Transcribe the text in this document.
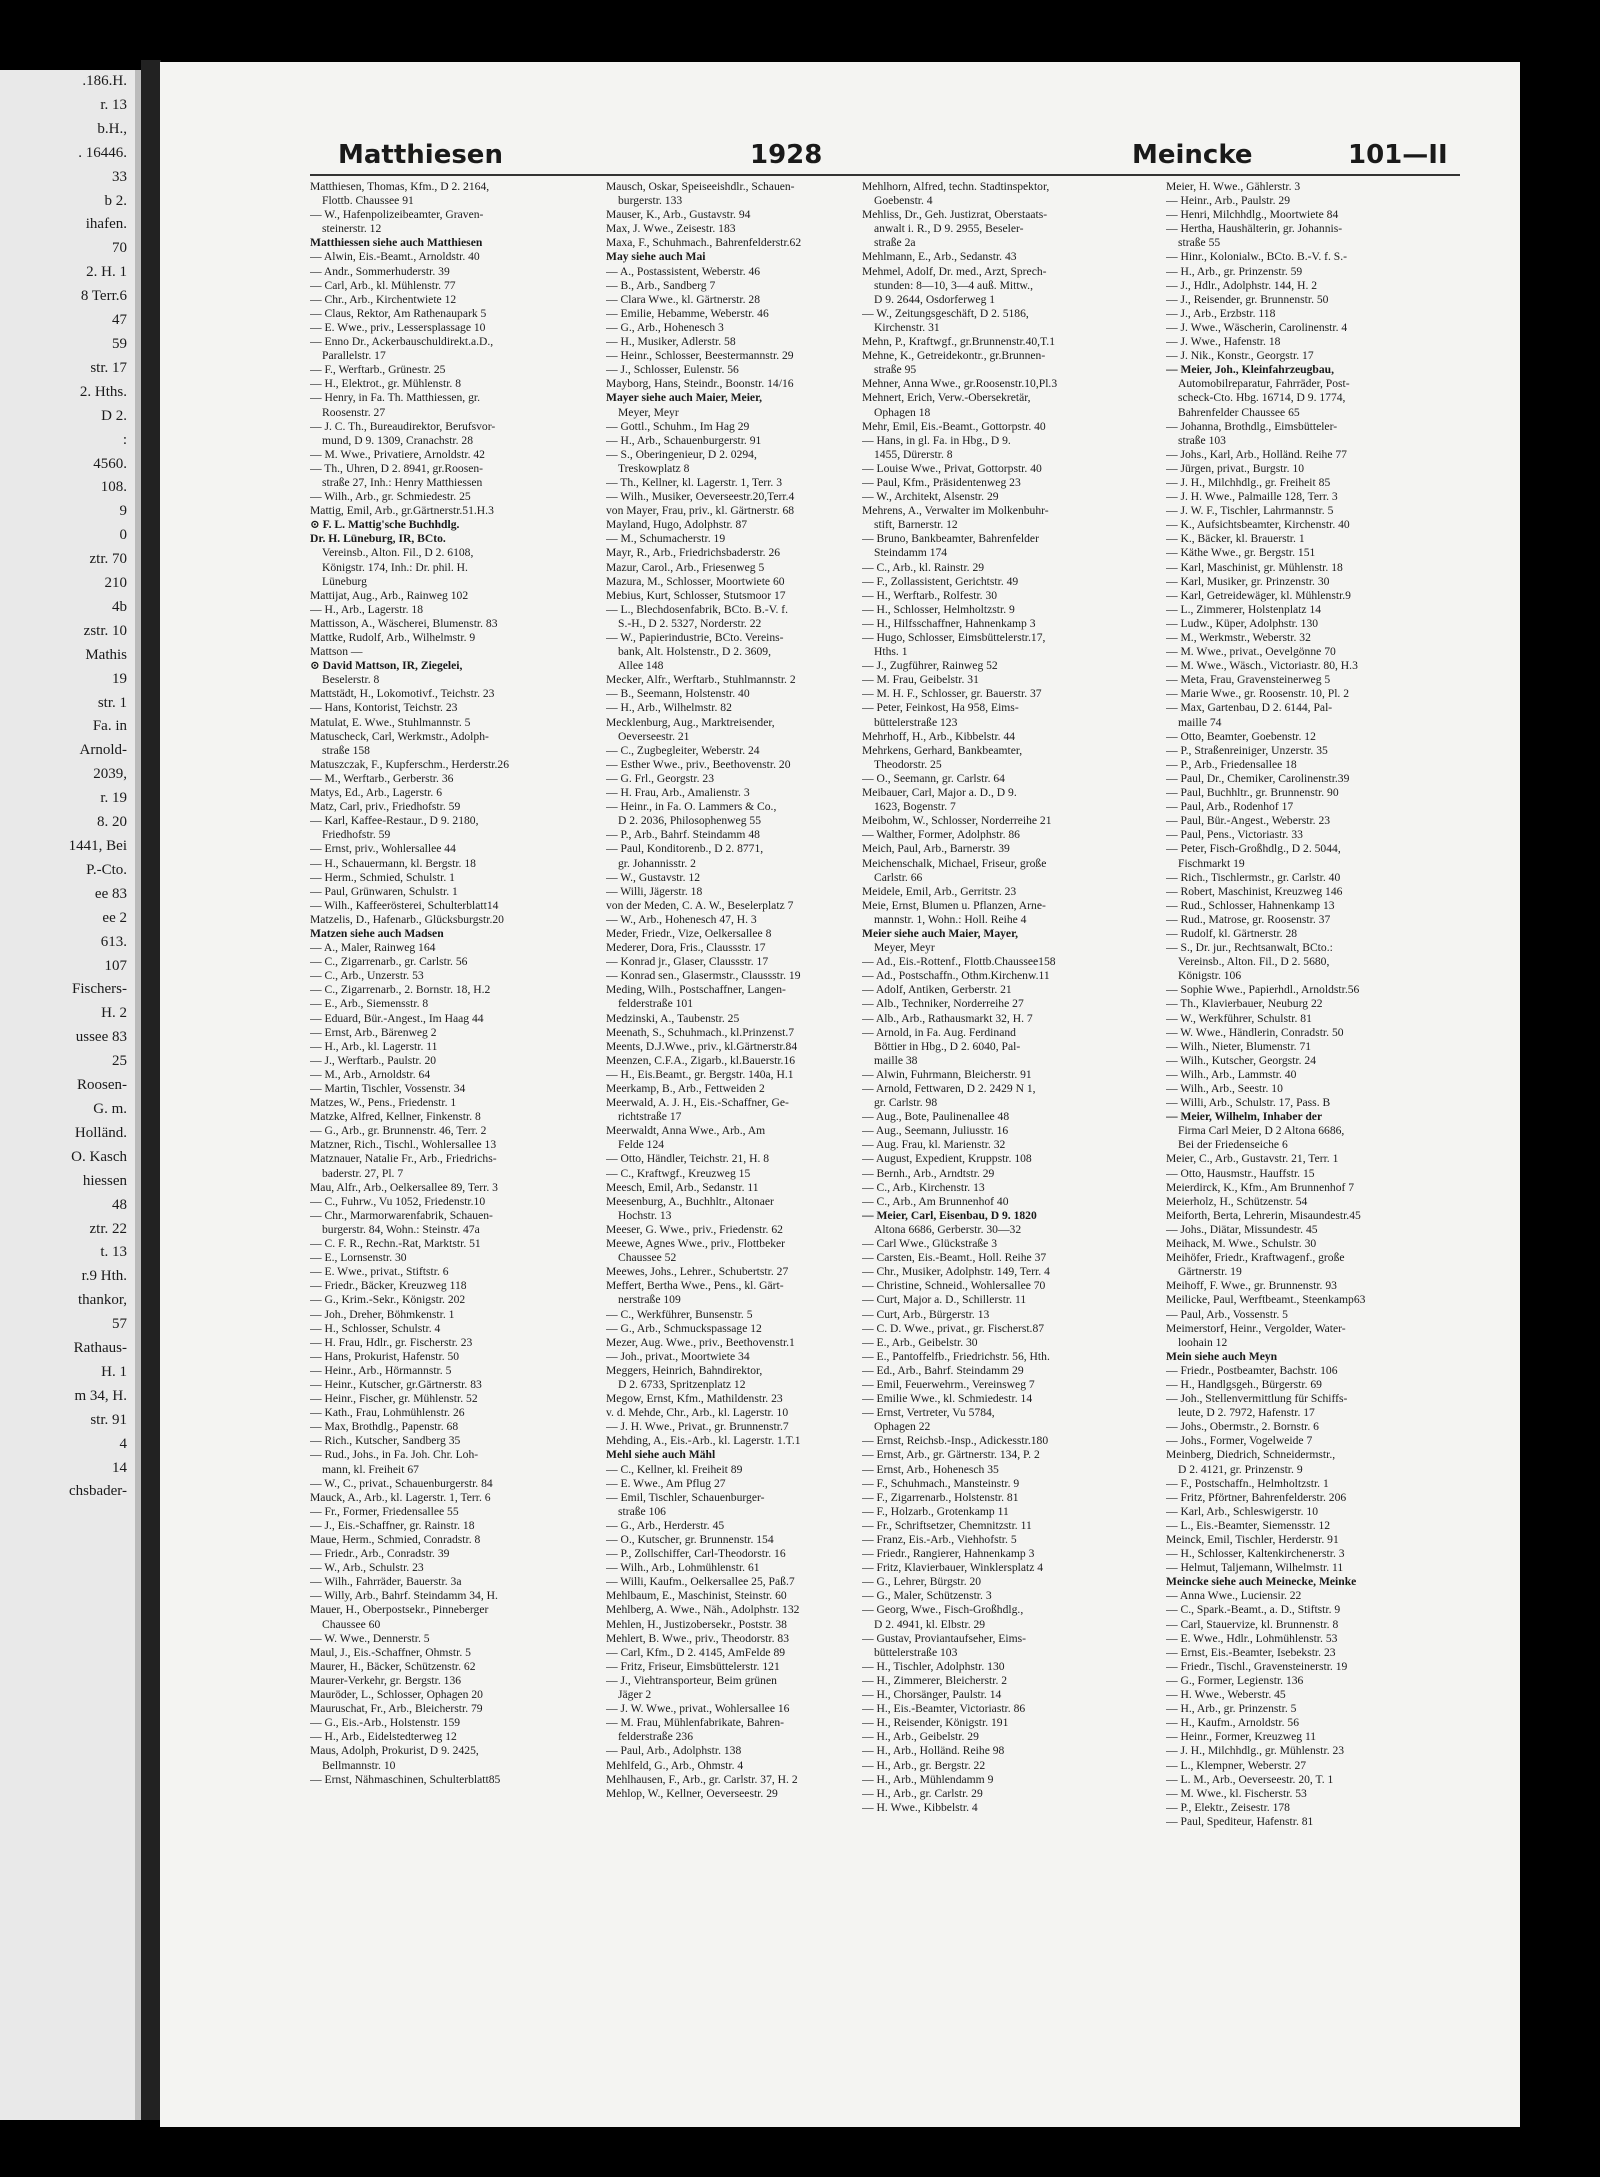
.186.H.
r. 13
b.H.,
. 16446.
33
b 2.
ihafen.
70
2. H. 1
8 Terr.6
47
59
str. 17
2. Hths.
D 2.
:
4560.
108.
9
0
ztr. 70
210
4b
zstr. 10
Mathis
19
str. 1
Fa. in
Arnold-
2039,
r. 19
8. 20
1441, Bei
P.-Cto.
ee 83
ee 2
613.
107
Fischers-
H. 2
ussee 83
25
Roosen-
G. m.
Holländ.
O. Kasch
hiessen
48
ztr. 22
t. 13
r.9 Hth.
thankor,
57
Rathaus-
H. 1
m 34, H.
str. 91
4
14
chsbader-
Matthiesen	1928	Meincke	101—II
Matthiesen, Thomas, Kfm., D 2. 2164,
Flottb. Chaussee 91
— W., Hafenpolizeibeamter, Graven-
steinerstr. 12
Matthiessen siehe auch Matthiesen
— Alwin, Eis.-Beamt., Arnoldstr. 40
— Andr., Sommerhuderstr. 39
— Carl, Arb., kl. Mühlenstr. 77
— Chr., Arb., Kirchentwiete 12
— Claus, Rektor, Am Rathenaupark 5
— E. Wwe., priv., Lessersplassage 10
— Enno Dr., Ackerbauschuldirekt.a.D.,
Parallelstr. 17
— F., Werftarb., Grünestr. 25
— H., Elektrot., gr. Mühlenstr. 8
— Henry, in Fa. Th. Matthiessen, gr.
Roosenstr. 27
— J. C. Th., Bureaudirektor, Berufsvor-
mund, D 9. 1309, Cranachstr. 28
— M. Wwe., Privatiere, Arnoldstr. 42
— Th., Uhren, D 2. 8941, gr.Roosen-
straße 27, Inh.: Henry Matthiessen
— Wilh., Arb., gr. Schmiedestr. 25
Mattig, Emil, Arb., gr.Gärtnerstr.51.H.3
⊙ F. L. Mattig'sche Buchhdlg.
Dr. H. Lüneburg, IR, BCto.
Vereinsb., Alton. Fil., D 2. 6108,
Königstr. 174, Inh.: Dr. phil. H.
Lüneburg
Mattijat, Aug., Arb., Rainweg 102
— H., Arb., Lagerstr. 18
Mattisson, A., Wäscherei, Blumenstr. 83
Mattke, Rudolf, Arb., Wilhelmstr. 9
Mattson —
⊙ David Mattson, IR, Ziegelei,
Beselerstr. 8
Mattstädt, H., Lokomotivf., Teichstr. 23
— Hans, Kontorist, Teichstr. 23
Matulat, E. Wwe., Stuhlmannstr. 5
Matuscheck, Carl, Werkmstr., Adolph-
straße 158
Matuszczak, F., Kupferschm., Herderstr.26
— M., Werftarb., Gerberstr. 36
Matys, Ed., Arb., Lagerstr. 6
Matz, Carl, priv., Friedhofstr. 59
— Karl, Kaffee-Restaur., D 9. 2180,
Friedhofstr. 59
— Ernst, priv., Wohlersallee 44
— H., Schauermann, kl. Bergstr. 18
— Herm., Schmied, Schulstr. 1
— Paul, Grünwaren, Schulstr. 1
— Wilh., Kaffeerösterei, Schulterblatt14
Matzelis, D., Hafenarb., Glücksburgstr.20
Matzen siehe auch Madsen
— A., Maler, Rainweg 164
— C., Zigarrenarb., gr. Carlstr. 56
— C., Arb., Unzerstr. 53
— C., Zigarrenarb., 2. Bornstr. 18, H.2
— E., Arb., Siemensstr. 8
— Eduard, Bür.-Angest., Im Haag 44
— Ernst, Arb., Bärenweg 2
— H., Arb., kl. Lagerstr. 11
— J., Werftarb., Paulstr. 20
— M., Arb., Arnoldstr. 64
— Martin, Tischler, Vossenstr. 34
Matzes, W., Pens., Friedenstr. 1
Matzke, Alfred, Kellner, Finkenstr. 8
— G., Arb., gr. Brunnenstr. 46, Terr. 2
Matzner, Rich., Tischl., Wohlersallee 13
Matznauer, Natalie Fr., Arb., Friedrichs-
baderstr. 27, Pl. 7
Mau, Alfr., Arb., Oelkersallee 89, Terr. 3
— C., Fuhrw., Vu 1052, Friedenstr.10
— Chr., Marmorwarenfabrik, Schauen-
burgerstr. 84, Wohn.: Steinstr. 47a
— C. F. R., Rechn.-Rat, Marktstr. 51
— E., Lornsenstr. 30
— E. Wwe., privat., Stiftstr. 6
— Friedr., Bäcker, Kreuzweg 118
— G., Krim.-Sekr., Königstr. 202
— Joh., Dreher, Böhmkenstr. 1
— H., Schlosser, Schulstr. 4
— H. Frau, Hdlr., gr. Fischerstr. 23
— Hans, Prokurist, Hafenstr. 50
— Heinr., Arb., Hörmannstr. 5
— Heinr., Kutscher, gr.Gärtnerstr. 83
— Heinr., Fischer, gr. Mühlenstr. 52
— Kath., Frau, Lohmühlenstr. 26
— Max, Brothdlg., Papenstr. 68
— Rich., Kutscher, Sandberg 35
— Rud., Johs., in Fa. Joh. Chr. Loh-
mann, kl. Freiheit 67
— W., C., privat., Schauenburgerstr. 84
Mauck, A., Arb., kl. Lagerstr. 1, Terr. 6
— Fr., Former, Friedensallee 55
— J., Eis.-Schaffner, gr. Rainstr. 18
Maue, Herm., Schmied, Conradstr. 8
— Friedr., Arb., Conradstr. 39
— W., Arb., Schulstr. 23
— Wilh., Fahrräder, Bauerstr. 3a
— Willy, Arb., Bahrf. Steindamm 34, H.
Mauer, H., Oberpostsekr., Pinneberger
Chaussee 60
— W. Wwe., Dennerstr. 5
Maul, J., Eis.-Schaffner, Ohmstr. 5
Maurer, H., Bäcker, Schützenstr. 62
Maurer-Verkehr, gr. Bergstr. 136
Mauröder, L., Schlosser, Ophagen 20
Mauruschat, Fr., Arb., Bleicherstr. 79
— G., Eis.-Arb., Holstenstr. 159
— H., Arb., Eidelstedterweg 12
Maus, Adolph, Prokurist, D 9. 2425,
Bellmannstr. 10
— Ernst, Nähmaschinen, Schulterblatt85
Mausch, Oskar, Speiseeishdlr., Schauen-
burgerstr. 133
Mauser, K., Arb., Gustavstr. 94
Max, J. Wwe., Zeisestr. 183
Maxa, F., Schuhmach., Bahrenfelderstr.62
May siehe auch Mai
— A., Postassistent, Weberstr. 46
— B., Arb., Sandberg 7
— Clara Wwe., kl. Gärtnerstr. 28
— Emilie, Hebamme, Weberstr. 46
— G., Arb., Hohenesch 3
— H., Musiker, Adlerstr. 58
— Heinr., Schlosser, Beestermannstr. 29
— J., Schlosser, Eulenstr. 56
Mayborg, Hans, Steindr., Boonstr. 14/16
Mayer siehe auch Maier, Meier,
Meyer, Meyr
— Gottl., Schuhm., Im Hag 29
— H., Arb., Schauenburgerstr. 91
— S., Oberingenieur, D 2. 0294,
Treskowplatz 8
— Th., Kellner, kl. Lagerstr. 1, Terr. 3
— Wilh., Musiker, Oeverseestr.20,Terr.4
von Mayer, Frau, priv., kl. Gärtnerstr. 68
Mayland, Hugo, Adolphstr. 87
— M., Schumacherstr. 19
Mayr, R., Arb., Friedrichsbaderstr. 26
Mazur, Carol., Arb., Friesenweg 5
Mazura, M., Schlosser, Moortwiete 60
Mebius, Kurt, Schlosser, Stutsmoor 17
— L., Blechdosenfabrik, BCto. B.-V. f.
S.-H., D 2. 5327, Norderstr. 22
— W., Papierindustrie, BCto. Vereins-
bank, Alt. Holstenstr., D 2. 3609,
Allee 148
Mecker, Alfr., Werftarb., Stuhlmannstr. 2
— B., Seemann, Holstenstr. 40
— H., Arb., Wilhelmstr. 82
Mecklenburg, Aug., Marktreisender,
Oeverseestr. 21
— C., Zugbegleiter, Weberstr. 24
— Esther Wwe., priv., Beethovenstr. 20
— G. Frl., Georgstr. 23
— H. Frau, Arb., Amalienstr. 3
— Heinr., in Fa. O. Lammers & Co.,
D 2. 2036, Philosophenweg 55
— P., Arb., Bahrf. Steindamm 48
— Paul, Konditorenb., D 2. 8771,
gr. Johannisstr. 2
— W., Gustavstr. 12
— Willi, Jägerstr. 18
von der Meden, C. A. W., Beselerplatz 7
— W., Arb., Hohenesch 47, H. 3
Meder, Friedr., Vize, Oelkersallee 8
Mederer, Dora, Fris., Claussstr. 17
— Konrad jr., Glaser, Claussstr. 17
— Konrad sen., Glasermstr., Claussstr. 19
Meding, Wilh., Postschaffner, Langen-
felderstraße 101
Medzinski, A., Taubenstr. 25
Meenath, S., Schuhmach., kl.Prinzenst.7
Meents, D.J.Wwe., priv., kl.Gärtnerstr.84
Meenzen, C.F.A., Zigarb., kl.Bauerstr.16
— H., Eis.Beamt., gr. Bergstr. 140a, H.1
Meerkamp, B., Arb., Fettweiden 2
Meerwald, A. J. H., Eis.-Schaffner, Ge-
richtstraße 17
Meerwaldt, Anna Wwe., Arb., Am
Felde 124
— Otto, Händler, Teichstr. 21, H. 8
— C., Kraftwgf., Kreuzweg 15
Meesch, Emil, Arb., Sedanstr. 11
Meesenburg, A., Buchhltr., Altonaer
Hochstr. 13
Meeser, G. Wwe., priv., Friedenstr. 62
Meewe, Agnes Wwe., priv., Flottbeker
Chaussee 52
Meewes, Johs., Lehrer., Schubertstr. 27
Meffert, Bertha Wwe., Pens., kl. Gärt-
nerstraße 109
— C., Werkführer, Bunsenstr. 5
— G., Arb., Schmuckspassage 12
Mezer, Aug. Wwe., priv., Beethovenstr.1
— Joh., privat., Moortwiete 34
Meggers, Heinrich, Bahndirektor,
D 2. 6733, Spritzenplatz 12
Megow, Ernst, Kfm., Mathildenstr. 23
v. d. Mehde, Chr., Arb., kl. Lagerstr. 10
— J. H. Wwe., Privat., gr. Brunnenstr.7
Mehding, A., Eis.-Arb., kl. Lagerstr. 1.T.1
Mehl siehe auch Mähl
— C., Kellner, kl. Freiheit 89
— E. Wwe., Am Pflug 27
— Emil, Tischler, Schauenburger-
straße 106
— G., Arb., Herderstr. 45
— O., Kutscher, gr. Brunnenstr. 154
— P., Zollschiffer, Carl-Theodorstr. 16
— Wilh., Arb., Lohmühlenstr. 61
— Willi, Kaufm., Oelkersallee 25, Paß.7
Mehlbaum, E., Maschinist, Steinstr. 60
Mehlberg, A. Wwe., Näh., Adolphstr. 132
Mehlen, H., Justizobersekr., Poststr. 38
Mehlert, B. Wwe., priv., Theodorstr. 83
— Carl, Kfm., D 2. 4145, AmFelde 89
— Fritz, Friseur, Eimsbüttelerstr. 121
— J., Viehtransporteur, Beim grünen
Jäger 2
— J. W. Wwe., privat., Wohlersallee 16
— M. Frau, Mühlenfabrikate, Bahren-
felderstraße 236
— Paul, Arb., Adolphstr. 138
Mehlfeld, G., Arb., Ohmstr. 4
Mehlhausen, F., Arb., gr. Carlstr. 37, H. 2
Mehlop, W., Kellner, Oeverseestr. 29
Mehlhorn, Alfred, techn. Stadtinspektor,
Goebenstr. 4
Mehliss, Dr., Geh. Justizrat, Oberstaats-
anwalt i. R., D 9. 2955, Beseler-
straße 2a
Mehlmann, E., Arb., Sedanstr. 43
Mehmel, Adolf, Dr. med., Arzt, Sprech-
stunden: 8—10, 3—4 auß. Mittw.,
D 9. 2644, Osdorferweg 1
— W., Zeitungsgeschäft, D 2. 5186,
Kirchenstr. 31
Mehn, P., Kraftwgf., gr.Brunnenstr.40,T.1
Mehne, K., Getreidekontr., gr.Brunnen-
straße 95
Mehner, Anna Wwe., gr.Roosenstr.10,Pl.3
Mehnert, Erich, Verw.-Obersekretär,
Ophagen 18
Mehr, Emil, Eis.-Beamt., Gottorpstr. 40
— Hans, in gl. Fa. in Hbg., D 9.
1455, Dürerstr. 8
— Louise Wwe., Privat, Gottorpstr. 40
— Paul, Kfm., Präsidentenweg 23
— W., Architekt, Alsenstr. 29
Mehrens, A., Verwalter im Molkenbuhr-
stift, Barnerstr. 12
— Bruno, Bankbeamter, Bahrenfelder
Steindamm 174
— C., Arb., kl. Rainstr. 29
— F., Zollassistent, Gerichtstr. 49
— H., Werftarb., Rolfestr. 30
— H., Schlosser, Helmholtzstr. 9
— H., Hilfsschaffner, Hahnenkamp 3
— Hugo, Schlosser, Eimsbüttelerstr.17,
Hths. 1
— J., Zugführer, Rainweg 52
— M. Frau, Geibelstr. 31
— M. H. F., Schlosser, gr. Bauerstr. 37
— Peter, Feinkost, Ha 958, Eims-
büttelerstraße 123
Mehrhoff, H., Arb., Kibbelstr. 44
Mehrkens, Gerhard, Bankbeamter,
Theodorstr. 25
— O., Seemann, gr. Carlstr. 64
Meibauer, Carl, Major a. D., D 9.
1623, Bogenstr. 7
Meibohm, W., Schlosser, Norderreihe 21
— Walther, Former, Adolphstr. 86
Meich, Paul, Arb., Barnerstr. 39
Meichenschalk, Michael, Friseur, große
Carlstr. 66
Meidele, Emil, Arb., Gerritstr. 23
Meie, Ernst, Blumen u. Pflanzen, Arne-
mannstr. 1, Wohn.: Holl. Reihe 4
Meier siehe auch Maier, Mayer,
Meyer, Meyr
— Ad., Eis.-Rottenf., Flottb.Chaussee158
— Ad., Postschaffn., Othm.Kirchenw.11
— Adolf, Antiken, Gerberstr. 21
— Alb., Techniker, Norderreihe 27
— Alb., Arb., Rathausmarkt 32, H. 7
— Arnold, in Fa. Aug. Ferdinand
Böttier in Hbg., D 2. 6040, Pal-
maille 38
— Alwin, Fuhrmann, Bleicherstr. 91
— Arnold, Fettwaren, D 2. 2429 N 1,
gr. Carlstr. 98
— Aug., Bote, Paulinenallee 48
— Aug., Seemann, Juliusstr. 16
— Aug. Frau, kl. Marienstr. 32
— August, Expedient, Kruppstr. 108
— Bernh., Arb., Arndtstr. 29
— C., Arb., Kirchenstr. 13
— C., Arb., Am Brunnenhof 40
— Meier, Carl, Eisenbau, D 9. 1820
Altona 6686, Gerberstr. 30—32
— Carl Wwe., Glückstraße 3
— Carsten, Eis.-Beamt., Holl. Reihe 37
— Chr., Musiker, Adolphstr. 149, Terr. 4
— Christine, Schneid., Wohlersallee 70
— Curt, Major a. D., Schillerstr. 11
— Curt, Arb., Bürgerstr. 13
— C. D. Wwe., privat., gr. Fischerst.87
— E., Arb., Geibelstr. 30
— E., Pantoffelfb., Friedrichstr. 56, Hth.
— Ed., Arb., Bahrf. Steindamm 29
— Emil, Feuerwehrm., Vereinsweg 7
— Emilie Wwe., kl. Schmiedestr. 14
— Ernst, Vertreter, Vu 5784,
Ophagen 22
— Ernst, Reichsb.-Insp., Adickesstr.180
— Ernst, Arb., gr. Gärtnerstr. 134, P. 2
— Ernst, Arb., Hohenesch 35
— F., Schuhmach., Mansteinstr. 9
— F., Zigarrenarb., Holstenstr. 81
— F., Holzarb., Grotenkamp 11
— Fr., Schriftsetzer, Chemnitzstr. 11
— Franz, Eis.-Arb., Viehhofstr. 5
— Friedr., Rangierer, Hahnenkamp 3
— Fritz, Klavierbauer, Winklersplatz 4
— G., Lehrer, Bürgstr. 20
— G., Maler, Schützenstr. 3
— Georg, Wwe., Fisch-Großhdlg.,
D 2. 4941, kl. Elbstr. 29
— Gustav, Proviantaufseher, Eims-
büttelerstraße 103
— H., Tischler, Adolphstr. 130
— H., Zimmerer, Bleicherstr. 2
— H., Chorsänger, Paulstr. 14
— H., Eis.-Beamter, Victoriastr. 86
— H., Reisender, Königstr. 191
— H., Arb., Geibelstr. 29
— H., Arb., Holländ. Reihe 98
— H., Arb., gr. Bergstr. 22
— H., Arb., Mühlendamm 9
— H., Arb., gr. Carlstr. 29
— H. Wwe., Kibbelstr. 4
Meier, H. Wwe., Gählerstr. 3
— Heinr., Arb., Paulstr. 29
— Henri, Milchhdlg., Moortwiete 84
— Hertha, Haushälterin, gr. Johannis-
straße 55
— Hinr., Kolonialw., BCto. B.-V. f. S.-
— H., Arb., gr. Prinzenstr. 59
— J., Hdlr., Adolphstr. 144, H. 2
— J., Reisender, gr. Brunnenstr. 50
— J., Arb., Erzbstr. 118
— J. Wwe., Wäscherin, Carolinenstr. 4
— J. Wwe., Hafenstr. 18
— J. Nik., Konstr., Georgstr. 17
— Meier, Joh., Kleinfahrzeugbau,
Automobilreparatur, Fahrräder, Post-
scheck-Cto. Hbg. 16714, D 9. 1774,
Bahrenfelder Chaussee 65
— Johanna, Brothdlg., Eimsbütteler-
straße 103
— Johs., Karl, Arb., Holländ. Reihe 77
— Jürgen, privat., Burgstr. 10
— J. H., Milchhdlg., gr. Freiheit 85
— J. H. Wwe., Palmaille 128, Terr. 3
— J. W. F., Tischler, Lahrmannstr. 5
— K., Aufsichtsbeamter, Kirchenstr. 40
— K., Bäcker, kl. Brauerstr. 1
— Käthe Wwe., gr. Bergstr. 151
— Karl, Maschinist, gr. Mühlenstr. 18
— Karl, Musiker, gr. Prinzenstr. 30
— Karl, Getreidewäger, kl. Mühlenstr.9
— L., Zimmerer, Holstenplatz 14
— Ludw., Küper, Adolphstr. 130
— M., Werkmstr., Weberstr. 32
— M. Wwe., privat., Oevelgönne 70
— M. Wwe., Wäsch., Victoriastr. 80, H.3
— Meta, Frau, Gravensteinerweg 5
— Marie Wwe., gr. Roosenstr. 10, Pl. 2
— Max, Gartenbau, D 2. 6144, Pal-
maille 74
— Otto, Beamter, Goebenstr. 12
— P., Straßenreiniger, Unzerstr. 35
— P., Arb., Friedensallee 18
— Paul, Dr., Chemiker, Carolinenstr.39
— Paul, Buchhltr., gr. Brunnenstr. 90
— Paul, Arb., Rodenhof 17
— Paul, Bür.-Angest., Weberstr. 23
— Paul, Pens., Victoriastr. 33
— Peter, Fisch-Großhdlg., D 2. 5044,
Fischmarkt 19
— Rich., Tischlermstr., gr. Carlstr. 40
— Robert, Maschinist, Kreuzweg 146
— Rud., Schlosser, Hahnenkamp 13
— Rud., Matrose, gr. Roosenstr. 37
— Rudolf, kl. Gärtnerstr. 28
— S., Dr. jur., Rechtsanwalt, BCto.:
Vereinsb., Alton. Fil., D 2. 5680,
Königstr. 106
— Sophie Wwe., Papierhdl., Arnoldstr.56
— Th., Klavierbauer, Neuburg 22
— W., Werkführer, Schulstr. 81
— W. Wwe., Händlerin, Conradstr. 50
— Wilh., Nieter, Blumenstr. 71
— Wilh., Kutscher, Georgstr. 24
— Wilh., Arb., Lammstr. 40
— Wilh., Arb., Seestr. 10
— Willi, Arb., Schulstr. 17, Pass. B
— Meier, Wilhelm, Inhaber der
Firma Carl Meier, D 2 Altona 6686,
Bei der Friedenseiche 6
Meier, C., Arb., Gustavstr. 21, Terr. 1
— Otto, Hausmstr., Hauffstr. 15
Meierdirck, K., Kfm., Am Brunnenhof 7
Meierholz, H., Schützenstr. 54
Meiforth, Berta, Lehrerin, Misaundestr.45
— Johs., Diätar, Missundestr. 45
Meihack, M. Wwe., Schulstr. 30
Meihöfer, Friedr., Kraftwagenf., große
Gärtnerstr. 19
Meihoff, F. Wwe., gr. Brunnenstr. 93
Meilicke, Paul, Werftbeamt., Steenkamp63
— Paul, Arb., Vossenstr. 5
Meimerstorf, Heinr., Vergolder, Water-
loohain 12
Mein siehe auch Meyn
— Friedr., Postbeamter, Bachstr. 106
— H., Handlgsgeh., Bürgerstr. 69
— Joh., Stellenvermittlung für Schiffs-
leute, D 2. 7972, Hafenstr. 17
— Johs., Obermstr., 2. Bornstr. 6
— Johs., Former, Vogelweide 7
Meinberg, Diedrich, Schneidermstr.,
D 2. 4121, gr. Prinzenstr. 9
— F., Postschaffn., Helmholtzstr. 1
— Fritz, Pförtner, Bahrenfelderstr. 206
— Karl, Arb., Schleswigerstr. 10
— L., Eis.-Beamter, Siemensstr. 12
Meinck, Emil, Tischler, Herderstr. 91
— H., Schlosser, Kaltenkirchenerstr. 3
— Helmut, Taljemann, Wilhelmstr. 11
Meincke siehe auch Meinecke, Meinke
— Anna Wwe., Luciensir. 22
— C., Spark.-Beamt., a. D., Stiftstr. 9
— Carl, Stauervize, kl. Brunnenstr. 8
— E. Wwe., Hdlr., Lohmühlenstr. 53
— Ernst, Eis.-Beamter, Isebekstr. 23
— Friedr., Tischl., Gravensteinerstr. 19
— G., Former, Legienstr. 136
— H. Wwe., Weberstr. 45
— H., Arb., gr. Prinzenstr. 5
— H., Kaufm., Arnoldstr. 56
— Heinr., Former, Kreuzweg 11
— J. H., Milchhdlg., gr. Mühlenstr. 23
— L., Klempner, Weberstr. 27
— L. M., Arb., Oeverseestr. 20, T. 1
— M. Wwe., kl. Fischerstr. 53
— P., Elektr., Zeisestr. 178
— Paul, Spediteur, Hafenstr. 81
